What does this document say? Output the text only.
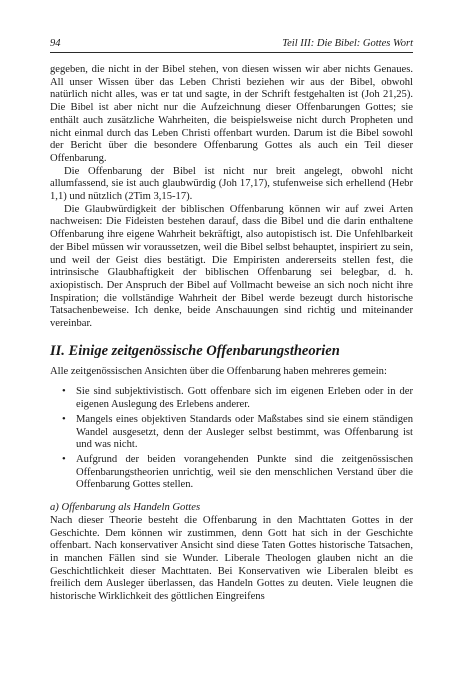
94	Teil III: Die Bibel: Gottes Wort

gegeben, die nicht in der Bibel stehen, von diesen wissen wir aber nichts Genaues. All unser Wissen über das Leben Christi beziehen wir aus der Bibel, obwohl natürlich nicht alles, was er tat und sagte, in der Schrift festgehalten ist (Joh 21,25). Die Bibel ist aber nicht nur die Aufzeichnung dieser Offenbarungen Gottes; sie enthält auch zusätzliche Wahrheiten, die beispielsweise nicht durch Propheten und nicht einmal durch das Leben Christi offenbart wurden. Darum ist die Bibel sowohl der Bericht über die besondere Offenbarung Gottes als auch ein Teil dieser Offenbarung.

Die Offenbarung der Bibel ist nicht nur breit angelegt, obwohl nicht allumfassend, sie ist auch glaubwürdig (Joh 17,17), stufenweise sich erhellend (Hebr 1,1) und nützlich (2Tim 3,15-17).

Die Glaubwürdigkeit der biblischen Offenbarung können wir auf zwei Arten nachweisen: Die Fideisten bestehen darauf, dass die Bibel und die darin enthaltene Offenbarung ihre eigene Wahrheit bekräftigt, also autopistisch ist. Die Unfehlbarkeit der Bibel müssen wir voraussetzen, weil die Bibel selbst behauptet, inspiriert zu sein, und weil der Geist dies bestätigt. Die Empiristen andererseits stellen fest, die intrinsische Glaubhaftigkeit der biblischen Offenbarung sei belegbar, d. h. axiopistisch. Der Anspruch der Bibel auf Vollmacht beweise an sich noch nicht ihre Inspiration; die vollständige Wahrheit der Bibel werde bezeugt durch historische Tatsachenbeweise. Ich denke, beide Anschauungen sind richtig und miteinander vereinbar.

II. Einige zeitgenössische Offenbarungstheorien

Alle zeitgenössischen Ansichten über die Offenbarung haben mehreres gemein:

• Sie sind subjektivistisch. Gott offenbare sich im eigenen Erleben oder in der eigenen Auslegung des Erlebens anderer.
• Mangels eines objektiven Standards oder Maßstabes sind sie einem ständigen Wandel ausgesetzt, denn der Ausleger selbst bestimmt, was Offenbarung ist und was nicht.
• Aufgrund der beiden vorangehenden Punkte sind die zeitgenössischen Offenbarungstheorien unrichtig, weil sie den menschlichen Verstand über die Offenbarung Gottes stellen.
a) Offenbarung als Handeln Gottes

Nach dieser Theorie besteht die Offenbarung in den Machttaten Gottes in der Geschichte. Dem können wir zustimmen, denn Gott hat sich in der Geschichte offenbart. Nach konservativer Ansicht sind diese Taten Gottes historische Tatsachen, in manchen Fällen sind sie Wunder. Liberale Theologen glauben nicht an die Geschichtlichkeit dieser Machttaten. Bei Konservativen wie Liberalen bleibt es freilich dem Ausleger überlassen, das Handeln Gottes zu deuten. Viele leugnen die historische Wirklichkeit des göttlichen Eingreifens
